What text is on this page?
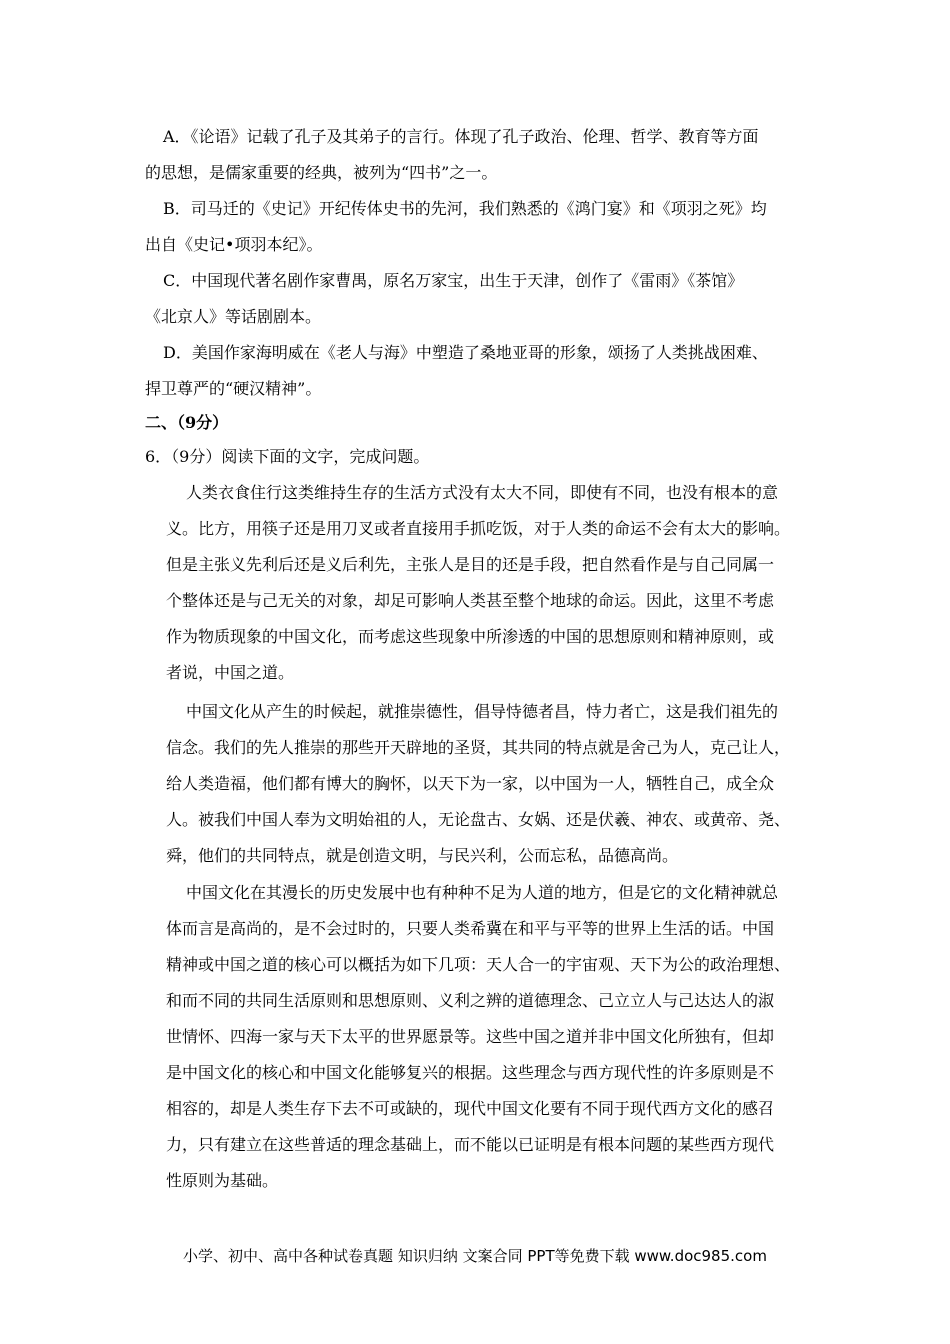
A．《论语》记载了孔子及其弟子的言行。体现了孔子政治、伦理、哲学、教育等方面
的思想，是儒家重要的经典，被列为“四书”之一。
B．司马迁的《史记》开纪传体史书的先河，我们熟悉的《鸿门宴》和《项羽之死》均
出自《史记•项羽本纪》。
C．中国现代著名剧作家曹禺，原名万家宝，出生于天津，创作了《雷雨》《茶馆》
《北京人》等话剧剧本。
D．美国作家海明威在《老人与海》中塑造了桑地亚哥的形象，颂扬了人类挑战困难、
捍卫尊严的“硬汉精神”。
二、（9分）
6．（9分）阅读下面的文字，完成问题。
人类衣食住行这类维持生存的生活方式没有太大不同，即使有不同，也没有根本的意
义。比方，用筷子还是用刀叉或者直接用手抓吃饭，对于人类的命运不会有太大的影响。
但是主张义先利后还是义后利先，主张人是目的还是手段，把自然看作是与自己同属一
个整体还是与己无关的对象，却足可影响人类甚至整个地球的命运。因此，这里不考虑
作为物质现象的中国文化，而考虑这些现象中所渗透的中国的思想原则和精神原则，或
者说，中国之道。
中国文化从产生的时候起，就推崇德性，倡导恃德者昌，恃力者亡，这是我们祖先的
信念。我们的先人推崇的那些开天辟地的圣贤，其共同的特点就是舍己为人，克己让人，
给人类造福，他们都有博大的胸怀，以天下为一家，以中国为一人，牺牲自己，成全众
人。被我们中国人奉为文明始祖的人，无论盘古、女娲、还是伏羲、神农、或黄帝、尧、
舜，他们的共同特点，就是创造文明，与民兴利，公而忘私，品德高尚。
中国文化在其漫长的历史发展中也有种种不足为人道的地方，但是它的文化精神就总
体而言是高尚的，是不会过时的，只要人类希冀在和平与平等的世界上生活的话。中国
精神或中国之道的核心可以概括为如下几项：天人合一的宇宙观、天下为公的政治理想、
和而不同的共同生活原则和思想原则、义利之辨的道德理念、己立立人与己达达人的淑
世情怀、四海一家与天下太平的世界愿景等。这些中国之道并非中国文化所独有，但却
是中国文化的核心和中国文化能够复兴的根据。这些理念与西方现代性的许多原则是不
相容的，却是人类生存下去不可或缺的，现代中国文化要有不同于现代西方文化的感召
力，只有建立在这些普适的理念基础上，而不能以已证明是有根本问题的某些西方现代
性原则为基础。
小学、初中、高中各种试卷真题 知识归纳 文案合同 PPT等免费下载 www.doc985.com
